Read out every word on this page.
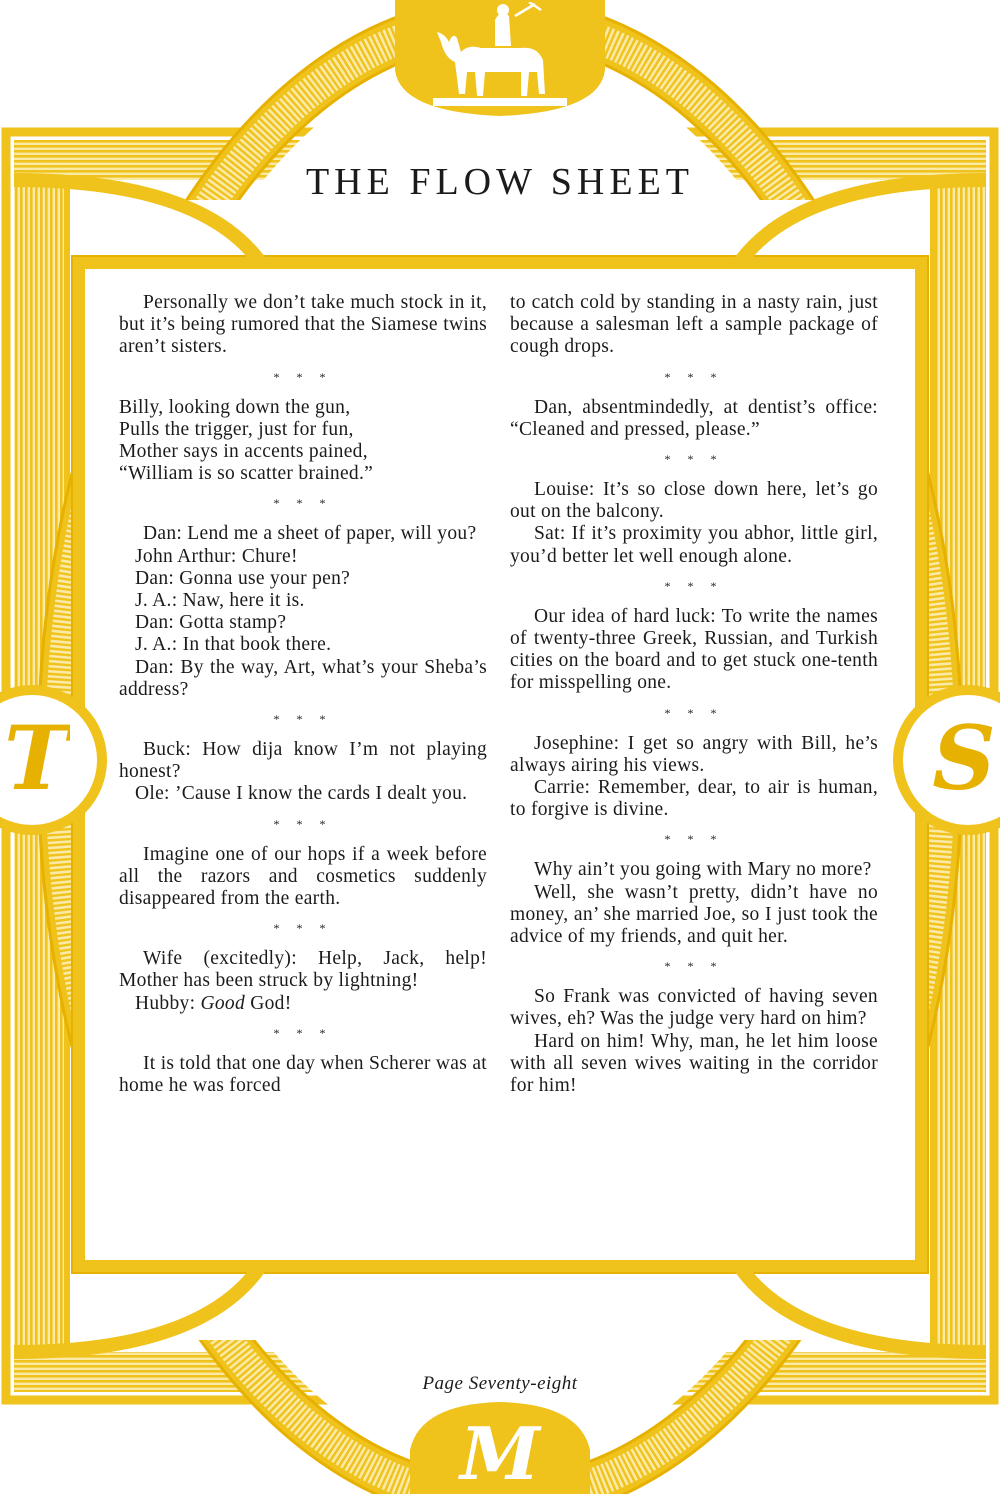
T	S
M
THE FLOW SHEET

Personally we don’t take much stock in it, but it’s being rumored that the Siamese twins aren’t sisters.

* * *

Billy, looking down the gun,

Pulls the trigger, just for fun,

Mother says in accents pained,

“William is so scatter brained.”

* * *

Dan: Lend me a sheet of paper, will you?

John Arthur: Chure!

Dan: Gonna use your pen?

J. A.: Naw, here it is.

Dan: Gotta stamp?

J. A.: In that book there.

Dan: By the way, Art, what’s your Sheba’s address?

* * *

Buck: How dija know I’m not playing honest?

Ole: ’Cause I know the cards I dealt you.

* * *

Imagine one of our hops if a week before all the razors and cosmetics suddenly disappeared from the earth.

* * *

Wife (excitedly): Help, Jack, help! Mother has been struck by lightning!

Hubby: Good God!

* * *

It is told that one day when Scherer was at home he was forced

to catch cold by standing in a nasty rain, just because a salesman left a sample package of cough drops.

* * *

Dan, absentmindedly, at dentist’s office: “Cleaned and pressed, please.”

* * *

Louise: It’s so close down here, let’s go out on the balcony.

Sat: If it’s proximity you abhor, little girl, you’d better let well enough alone.

* * *

Our idea of hard luck: To write the names of twenty-three Greek, Russian, and Turkish cities on the board and to get stuck one-tenth for misspelling one.

* * *

Josephine: I get so angry with Bill, he’s always airing his views.

Carrie: Remember, dear, to air is human, to forgive is divine.

* * *

Why ain’t you going with Mary no more?

Well, she wasn’t pretty, didn’t have no money, an’ she married Joe, so I just took the advice of my friends, and quit her.

* * *

So Frank was convicted of having seven wives, eh? Was the judge very hard on him?

Hard on him! Why, man, he let him loose with all seven wives waiting in the corridor for him!

Page Seventy-eight
